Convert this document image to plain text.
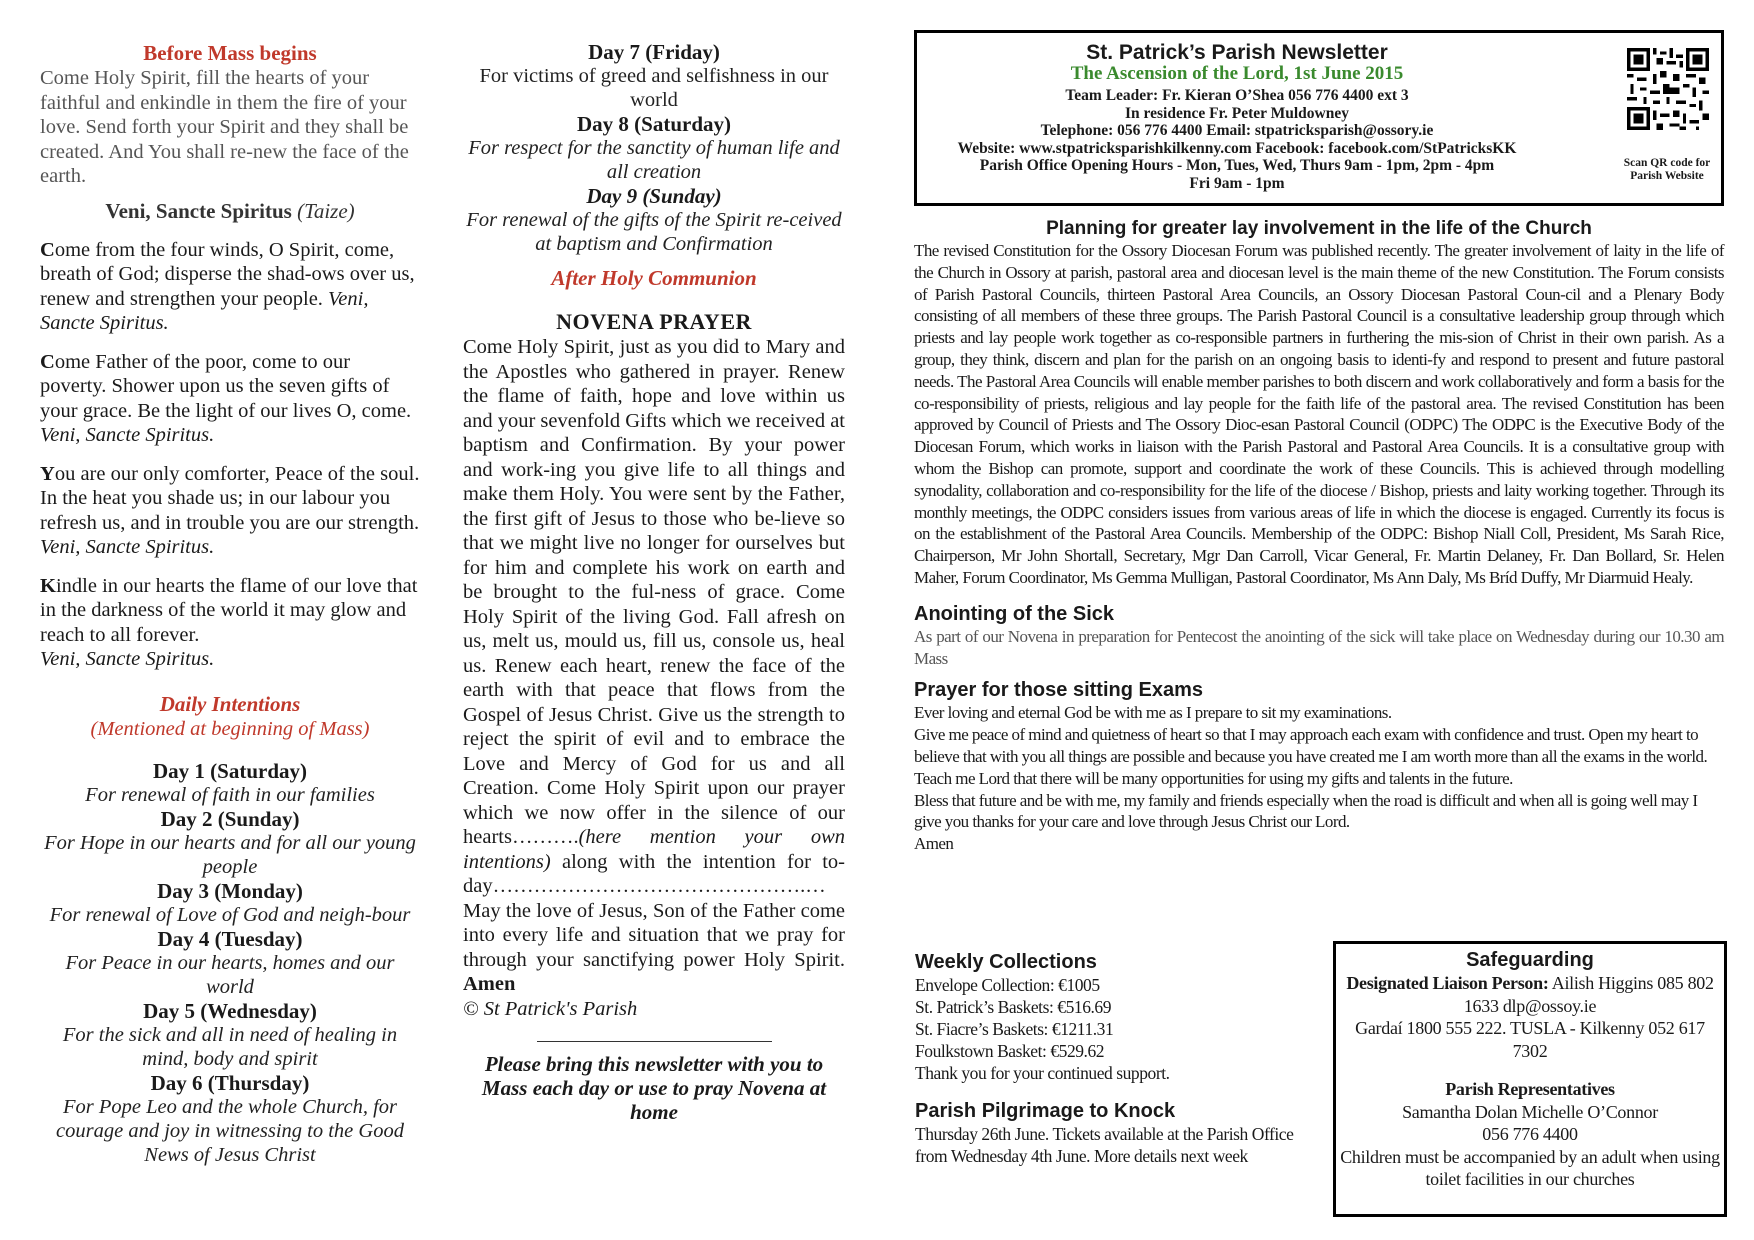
Before Mass begins
Come Holy Spirit, fill the hearts of your faithful and enkindle in them the fire of your love. Send forth your Spirit and they shall be created. And You shall re-new the face of the earth.
Veni, Sancte Spiritus (Taize)
Come from the four winds, O Spirit, come, breath of God; disperse the shad-ows over us, renew and strengthen your people. Veni, Sancte Spiritus.
Come Father of the poor, come to our poverty. Shower upon us the seven gifts of your grace. Be the light of our lives O, come. Veni, Sancte Spiritus.
You are our only comforter, Peace of the soul. In the heat you shade us; in our labour you refresh us, and in trouble you are our strength. Veni, Sancte Spiritus.
Kindle in our hearts the flame of our love that in the darkness of the world it may glow and reach to all forever.
Veni, Sancte Spiritus.
Daily Intentions
(Mentioned at beginning of Mass)
Day 1 (Saturday)
For renewal of faith in our families
Day 2 (Sunday)
For Hope in our hearts and for all our young people
Day 3 (Monday)
For renewal of Love of God and neigh-bour
Day 4 (Tuesday)
For Peace in our hearts, homes and our world
Day 5 (Wednesday)
For the sick and all in need of healing in mind, body and spirit
Day 6 (Thursday)
For Pope Leo and the whole Church, for courage and joy in witnessing to the Good News of Jesus Christ
Day 7 (Friday)
For victims of greed and selfishness in our world
Day 8 (Saturday)
For respect for the sanctity of human life and all creation
Day 9 (Sunday)
For renewal of the gifts of the Spirit re-ceived at baptism and Confirmation
After Holy Communion
NOVENA PRAYER
Come Holy Spirit, just as you did to Mary and the Apostles who gathered in prayer. Renew the flame of faith, hope and love within us and your sevenfold Gifts which we received at baptism and Confirmation. By your power and work-ing you give life to all things and make them Holy. You were sent by the Father, the first gift of Jesus to those who be-lieve so that we might live no longer for ourselves but for him and complete his work on earth and be brought to the ful-ness of grace. Come Holy Spirit of the living God. Fall afresh on us, melt us, mould us, fill us, console us, heal us. Renew each heart, renew the face of the earth with that peace that flows from the Gospel of Jesus Christ. Give us the strength to reject the spirit of evil and to embrace the Love and Mercy of God for us and all Creation. Come Holy Spirit upon our prayer which we now offer in the silence of our hearts……….(here mention your own intentions) along with the intention for to-day……………………………………….… May the love of Jesus, Son of the Father come into every life and situation that we pray for through your sanctifying power Holy Spirit. Amen
© St Patrick's Parish
Please bring this newsletter with you to Mass each day or use to pray Novena at home
St. Patrick’s Parish Newsletter
The Ascension of the Lord, 1st June 2015
Team Leader: Fr. Kieran O’Shea 056 776 4400 ext 3
In residence Fr. Peter Muldowney
Telephone: 056 776 4400 Email: stpatricksparish@ossory.ie
Website: www.stpatricksparishkilkenny.com Facebook: facebook.com/StPatricksKK
Parish Office Opening Hours - Mon, Tues, Wed, Thurs 9am - 1pm, 2pm - 4pm
Fri 9am - 1pm
Scan QR code for Parish Website
Planning for greater lay involvement in the life of the Church
The revised Constitution for the Ossory Diocesan Forum was published recently. The greater involvement of laity in the life of the Church in Ossory at parish, pastoral area and diocesan level is the main theme of the new Constitution. The Forum consists of Parish Pastoral Councils, thirteen Pastoral Area Councils, an Ossory Diocesan Pastoral Coun-cil and a Plenary Body consisting of all members of these three groups. The Parish Pastoral Council is a consultative leadership group through which priests and lay people work together as co-responsible partners in furthering the mis-sion of Christ in their own parish. As a group, they think, discern and plan for the parish on an ongoing basis to identi-fy and respond to present and future pastoral needs. The Pastoral Area Councils will enable member parishes to both discern and work collaboratively and form a basis for the co-responsibility of priests, religious and lay people for the faith life of the pastoral area. The revised Constitution has been approved by Council of Priests and The Ossory Dioc-esan Pastoral Council (ODPC) The ODPC is the Executive Body of the Diocesan Forum, which works in liaison with the Parish Pastoral and Pastoral Area Councils. It is a consultative group with whom the Bishop can promote, support and coordinate the work of these Councils. This is achieved through modelling synodality, collaboration and co-responsibility for the life of the diocese / Bishop, priests and laity working together. Through its monthly meetings, the ODPC considers issues from various areas of life in which the diocese is engaged. Currently its focus is on the establishment of the Pastoral Area Councils. Membership of the ODPC: Bishop Niall Coll, President, Ms Sarah Rice, Chairperson, Mr John Shortall, Secretary, Mgr Dan Carroll, Vicar General, Fr. Martin Delaney, Fr. Dan Bollard, Sr. Helen Maher, Forum Coordinator, Ms Gemma Mulligan, Pastoral Coordinator, Ms Ann Daly, Ms Bríd Duffy, Mr Diarmuid Healy.
Anointing of the Sick
As part of our Novena in preparation for Pentecost the anointing of the sick will take place on Wednesday during our 10.30 am Mass
Prayer for those sitting Exams
Ever loving and eternal God be with me as I prepare to sit my examinations.
Give me peace of mind and quietness of heart so that I may approach each exam with confidence and trust. Open my heart to believe that with you all things are possible and because you have created me I am worth more than all the exams in the world.
Teach me Lord that there will be many opportunities for using my gifts and talents in the future.
Bless that future and be with me, my family and friends especially when the road is difficult and when all is going well may I give you thanks for your care and love through Jesus Christ our Lord.
Amen
Weekly Collections
Envelope Collection: €1005
St. Patrick’s Baskets: €516.69
St. Fiacre’s Baskets: €1211.31
Foulkstown Basket: €529.62
Thank you for your continued support.
Parish Pilgrimage to Knock
Thursday 26th June. Tickets available at the Parish Office from Wednesday 4th June. More details next week
Safeguarding
Designated Liaison Person: Ailish Higgins 085 802 1633 dlp@ossoy.ie
Gardaí 1800 555 222. TUSLA - Kilkenny 052 617 7302
Parish Representatives
Samantha Dolan Michelle O’Connor
056 776 4400
Children must be accompanied by an adult when using toilet facilities in our churches
